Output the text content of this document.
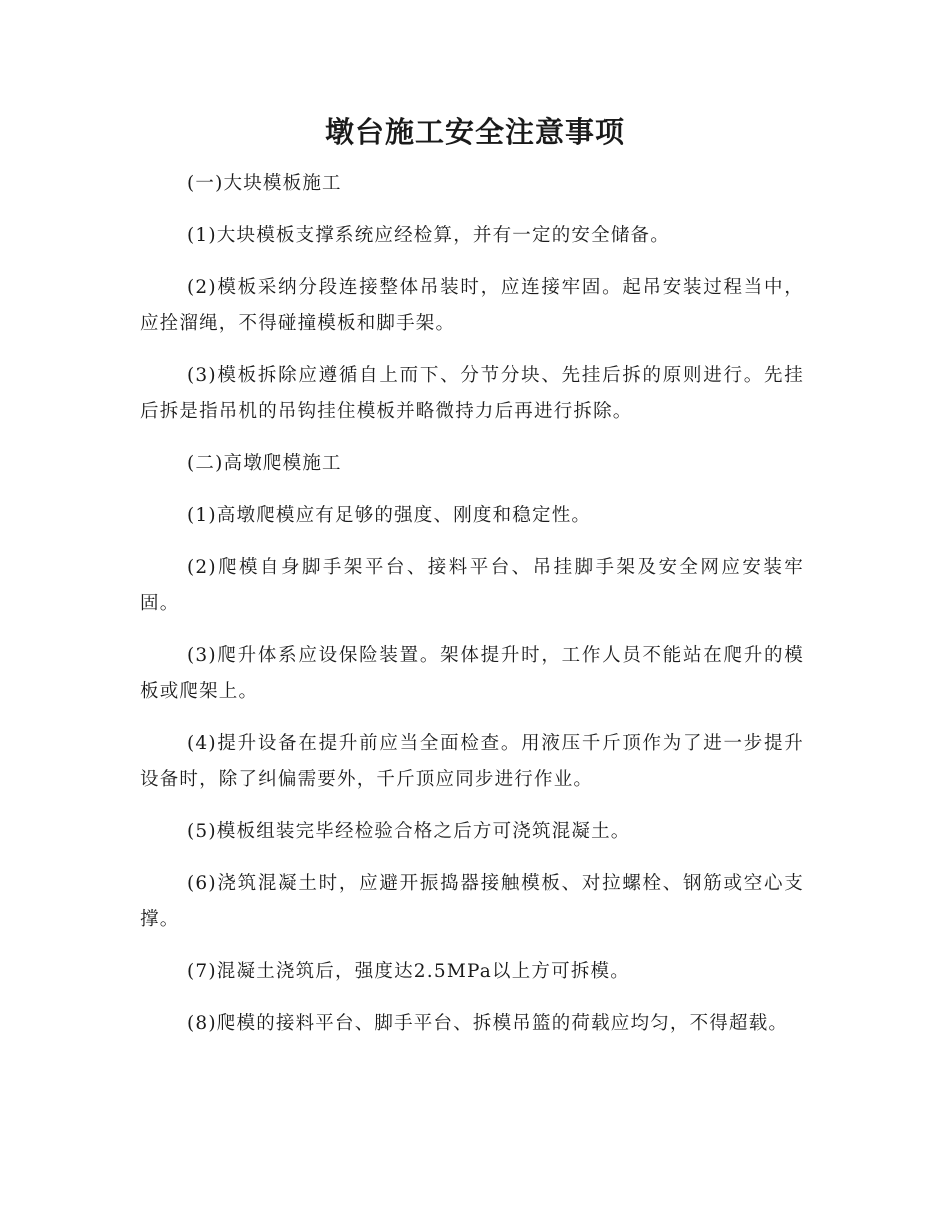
墩台施工安全注意事项

(一)大块模板施工

(1)大块模板支撑系统应经检算，并有一定的安全储备。

(2)模板采纳分段连接整体吊装时，应连接牢固。起吊安装过程当中，应拴溜绳，不得碰撞模板和脚手架。

(3)模板拆除应遵循自上而下、分节分块、先挂后拆的原则进行。先挂后拆是指吊机的吊钩挂住模板并略微持力后再进行拆除。

(二)高墩爬模施工

(1)高墩爬模应有足够的强度、刚度和稳定性。

(2)爬模自身脚手架平台、接料平台、吊挂脚手架及安全网应安装牢固。

(3)爬升体系应设保险装置。架体提升时，工作人员不能站在爬升的模板或爬架上。

(4)提升设备在提升前应当全面检查。用液压千斤顶作为了进一步提升设备时，除了纠偏需要外，千斤顶应同步进行作业。

(5)模板组装完毕经检验合格之后方可浇筑混凝土。

(6)浇筑混凝土时，应避开振捣器接触模板、对拉螺栓、钢筋或空心支撑。

(7)混凝土浇筑后，强度达2.5MPa以上方可拆模。

(8)爬模的接料平台、脚手平台、拆模吊篮的荷载应均匀，不得超载。
